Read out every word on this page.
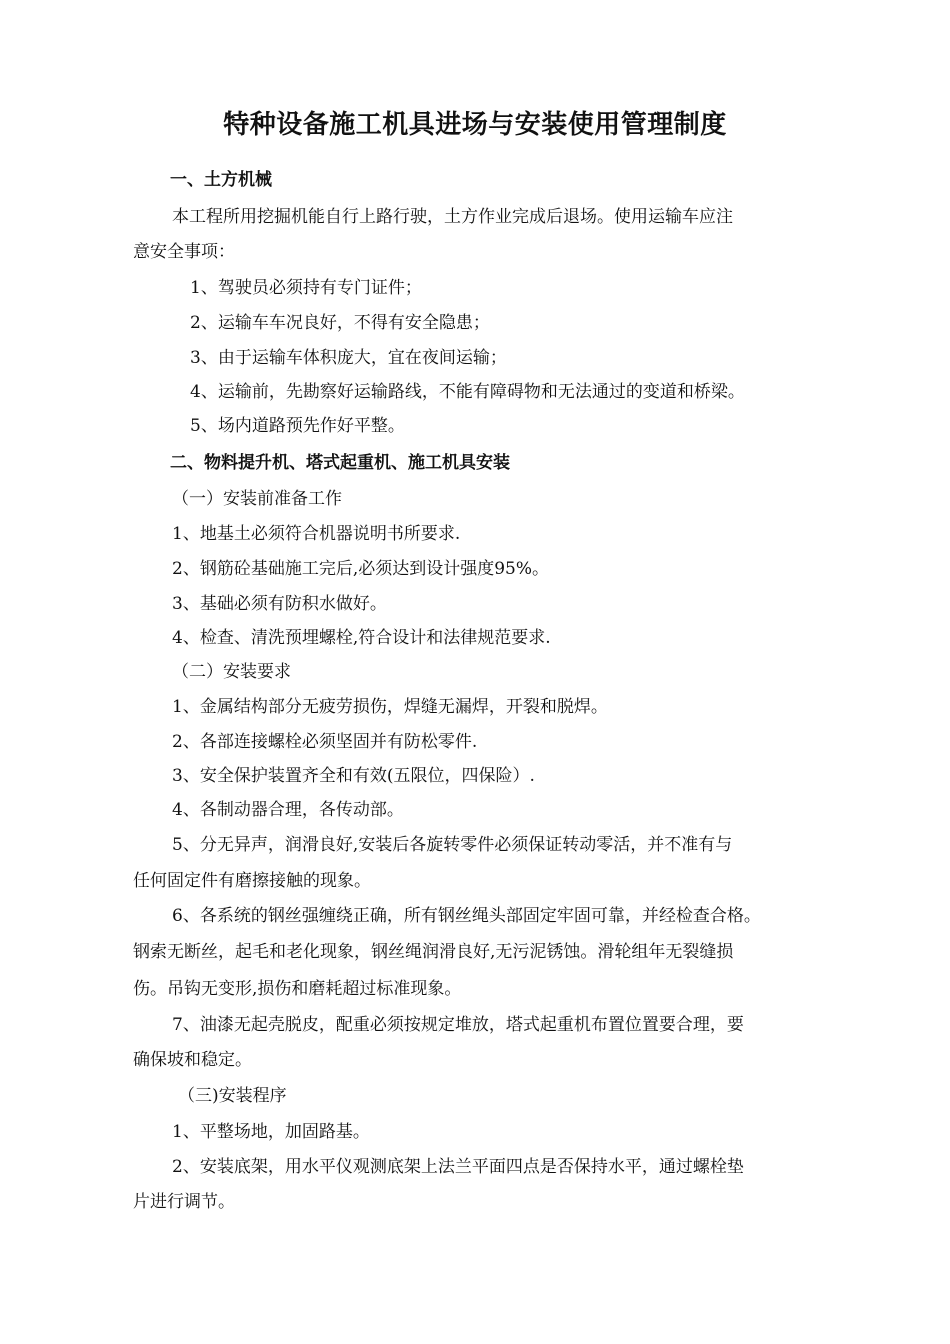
特种设备施工机具进场与安装使用管理制度
一、土方机械
本工程所用挖掘机能自行上路行驶，土方作业完成后退场。使用运输车应注
意安全事项：
1、驾驶员必须持有专门证件；
2、运输车车况良好，不得有安全隐患；
3、由于运输车体积庞大，宜在夜间运输；
4、运输前，先勘察好运输路线，不能有障碍物和无法通过的变道和桥梁。
5、场内道路预先作好平整。
二、物料提升机、塔式起重机、施工机具安装
（一）安装前准备工作
1、地基土必须符合机器说明书所要求.
2、钢筋砼基础施工完后,必须达到设计强度95%。
3、基础必须有防积水做好。
4、检查、清洗预埋螺栓,符合设计和法律规范要求.
（二）安装要求
1、金属结构部分无疲劳损伤，焊缝无漏焊，开裂和脱焊。
2、各部连接螺栓必须坚固并有防松零件.
3、安全保护装置齐全和有效(五限位，四保险）.
4、各制动器合理，各传动部。
5、分无异声，润滑良好,安装后各旋转零件必须保证转动零活，并不准有与
任何固定件有磨擦接触的现象。
6、各系统的钢丝强缠绕正确，所有钢丝绳头部固定牢固可靠，并经检查合格。
钢索无断丝，起毛和老化现象，钢丝绳润滑良好,无污泥锈蚀。滑轮组年无裂缝损
伤。吊钩无变形,损伤和磨耗超过标准现象。
7、油漆无起壳脱皮，配重必须按规定堆放，塔式起重机布置位置要合理，要
确保坡和稳定。
（三)安装程序
1、平整场地，加固路基。
2、安装底架，用水平仪观测底架上法兰平面四点是否保持水平，通过螺栓垫
片进行调节。
